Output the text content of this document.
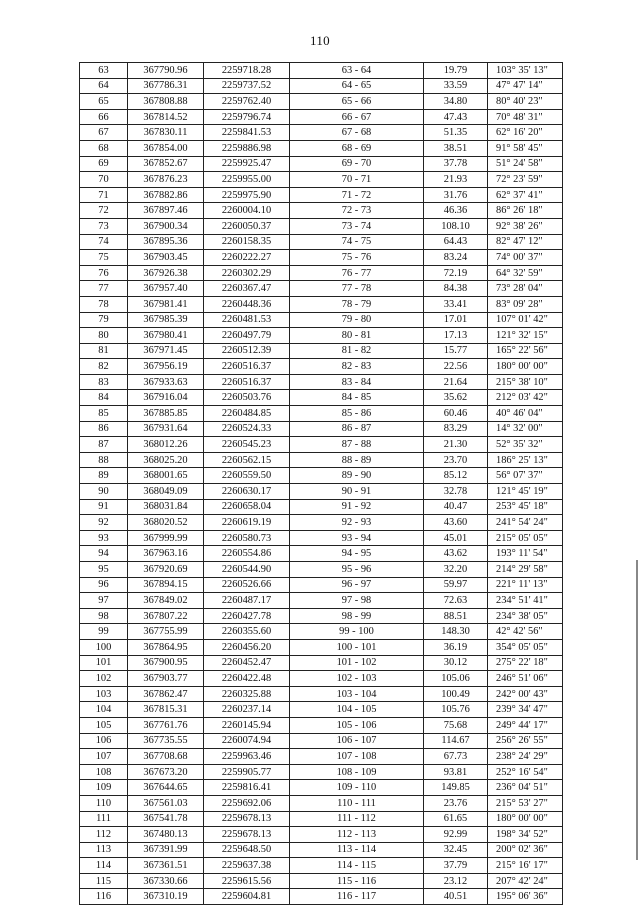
110
63	367790.96	2259718.28	63 - 64	19.79	103° 35' 13"
64	367786.31	2259737.52	64 - 65	33.59	47° 47' 14"
65	367808.88	2259762.40	65 - 66	34.80	80° 40' 23"
66	367814.52	2259796.74	66 - 67	47.43	70° 48' 31"
67	367830.11	2259841.53	67 - 68	51.35	62° 16' 20"
68	367854.00	2259886.98	68 - 69	38.51	91° 58' 45"
69	367852.67	2259925.47	69 - 70	37.78	51° 24' 58"
70	367876.23	2259955.00	70 - 71	21.93	72° 23' 59"
71	367882.86	2259975.90	71 - 72	31.76	62° 37' 41"
72	367897.46	2260004.10	72 - 73	46.36	86° 26' 18"
73	367900.34	2260050.37	73 - 74	108.10	92° 38' 26"
74	367895.36	2260158.35	74 - 75	64.43	82° 47' 12"
75	367903.45	2260222.27	75 - 76	83.24	74° 00' 37"
76	367926.38	2260302.29	76 - 77	72.19	64° 32' 59"
77	367957.40	2260367.47	77 - 78	84.38	73° 28' 04"
78	367981.41	2260448.36	78 - 79	33.41	83° 09' 28"
79	367985.39	2260481.53	79 - 80	17.01	107° 01' 42"
80	367980.41	2260497.79	80 - 81	17.13	121° 32' 15"
81	367971.45	2260512.39	81 - 82	15.77	165° 22' 56"
82	367956.19	2260516.37	82 - 83	22.56	180° 00' 00"
83	367933.63	2260516.37	83 - 84	21.64	215° 38' 10"
84	367916.04	2260503.76	84 - 85	35.62	212° 03' 42"
85	367885.85	2260484.85	85 - 86	60.46	40° 46' 04"
86	367931.64	2260524.33	86 - 87	83.29	14° 32' 00"
87	368012.26	2260545.23	87 - 88	21.30	52° 35' 32"
88	368025.20	2260562.15	88 - 89	23.70	186° 25' 13"
89	368001.65	2260559.50	89 - 90	85.12	56° 07' 37"
90	368049.09	2260630.17	90 - 91	32.78	121° 45' 19"
91	368031.84	2260658.04	91 - 92	40.47	253° 45' 18"
92	368020.52	2260619.19	92 - 93	43.60	241° 54' 24"
93	367999.99	2260580.73	93 - 94	45.01	215° 05' 05"
94	367963.16	2260554.86	94 - 95	43.62	193° 11' 54"
95	367920.69	2260544.90	95 - 96	32.20	214° 29' 58"
96	367894.15	2260526.66	96 - 97	59.97	221° 11' 13"
97	367849.02	2260487.17	97 - 98	72.63	234° 51' 41"
98	367807.22	2260427.78	98 - 99	88.51	234° 38' 05"
99	367755.99	2260355.60	99 - 100	148.30	42° 42' 56"
100	367864.95	2260456.20	100 - 101	36.19	354° 05' 05"
101	367900.95	2260452.47	101 - 102	30.12	275° 22' 18"
102	367903.77	2260422.48	102 - 103	105.06	246° 51' 06"
103	367862.47	2260325.88	103 - 104	100.49	242° 00' 43"
104	367815.31	2260237.14	104 - 105	105.76	239° 34' 47"
105	367761.76	2260145.94	105 - 106	75.68	249° 44' 17"
106	367735.55	2260074.94	106 - 107	114.67	256° 26' 55"
107	367708.68	2259963.46	107 - 108	67.73	238° 24' 29"
108	367673.20	2259905.77	108 - 109	93.81	252° 16' 54"
109	367644.65	2259816.41	109 - 110	149.85	236° 04' 51"
110	367561.03	2259692.06	110 - 111	23.76	215° 53' 27"
111	367541.78	2259678.13	111 - 112	61.65	180° 00' 00"
112	367480.13	2259678.13	112 - 113	92.99	198° 34' 52"
113	367391.99	2259648.50	113 - 114	32.45	200° 02' 36"
114	367361.51	2259637.38	114 - 115	37.79	215° 16' 17"
115	367330.66	2259615.56	115 - 116	23.12	207° 42' 24"
116	367310.19	2259604.81	116 - 117	40.51	195° 06' 36"
